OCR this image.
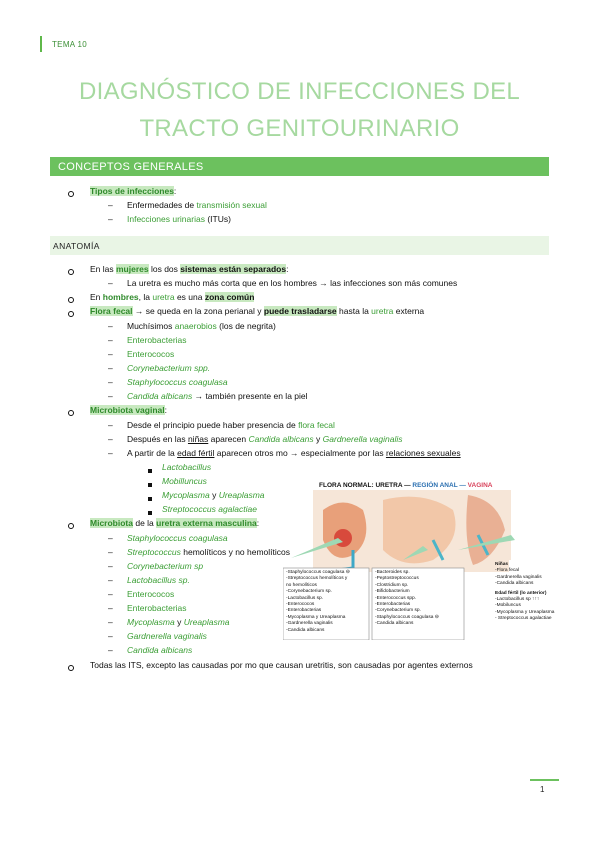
TEMA 10
DIAGNÓSTICO DE INFECCIONES DEL
TRACTO GENITOURINARIO
CONCEPTOS GENERALES
Tipos de infecciones:
– Enfermedades de transmisión sexual
– Infecciones urinarias (ITUs)
ANATOMÍA
En las mujeres los dos sistemas están separados:
– La uretra es mucho más corta que en los hombres → las infecciones son más comunes
En hombres, la uretra es una zona común
Flora fecal → se queda en la zona perianal y puede trasladarse hasta la uretra externa
– Muchísimos anaerobios (los de negrita)
– Enterobacterias
– Enterococos
– Corynebacterium spp.
– Staphylococcus coagulasa
– Candida albicans → también presente en la piel
Microbiota vaginal:
– Desde el principio puede haber presencia de flora fecal
– Después en las niñas aparecen Candida albicans y Gardnerella vaginalis
– A partir de la edad fértil aparecen otros mo → especialmente por las relaciones sexuales
Lactobacillus
Mobilluncus
Mycoplasma y Ureaplasma
Streptococcus agalactiae
Microbiota de la uretra externa masculina:
– Staphylococcus coagulasa
– Streptococcus hemolíticos y no hemolíticos
– Corynebacterium sp
– Lactobacillus sp.
– Enterococos
– Enterobacterias
– Mycoplasma y Ureaplasma
– Gardnerella vaginalis
– Candida albicans
Todas las ITS, excepto las causadas por mo que causan uretritis, son causadas por agentes externos
FLORA NORMAL: URETRA — REGIÓN ANAL — VAGINA
-Staphylococcus coagulasa ⊖
-Streptococcus hemolíticos y
no hemolíticos
-Corynebacterium sp.
-Lactobacillus sp.
-Enterococos
-Enterobacterias
-Mycoplasma y Ureaplasma
-Gardnerella vaginalis
-Candida albicans
-Bacteroides sp.
-Peptostreptococcus
-Clostridium sp.
-Bifidobacterium
-Enterococcus spp.
-Enterobacterias
-Corynebacterium sp.
-Staphylococcus coagulasa ⊖
-Candida albicans
Niñas
-Flora fecal
-Gardnerella vaginalis
-Candida albicans
Edad fértil (lo anterior)
-Lactobacillus sp ↑↑↑
-Mobiluncus
-Mycoplasma y Ureaplasma
- Streptococcus agalactiae
1
